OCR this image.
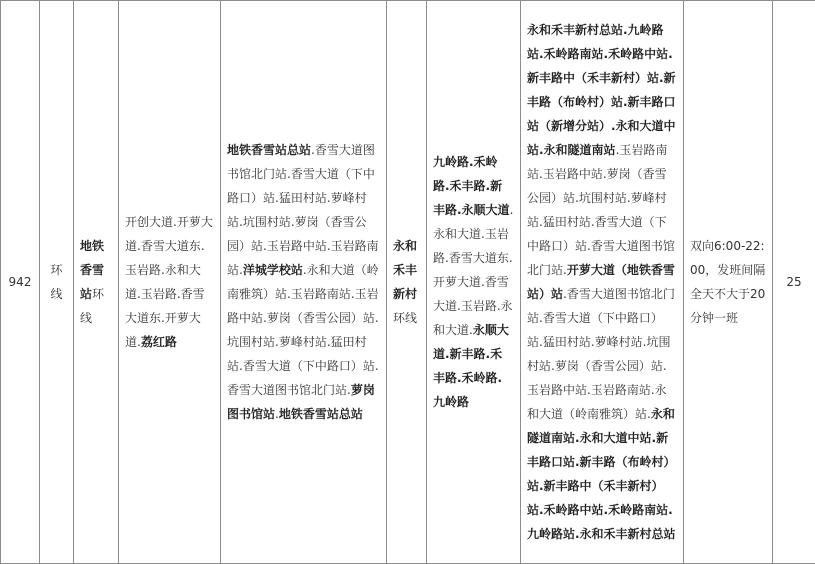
942	环线	地铁香雪站环线	开创大道.开萝大道.香雪大道东.玉岩路.永和大道.玉岩路.香雪大道东.开萝大道.荔红路	地铁香雪站总站.香雪大道图书馆北门站.香雪大道（下中路口）站.猛田村站.萝峰村站.坑围村站.萝岗（香雪公园）站.玉岩路中站.玉岩路南站.洋城学校站.永和大道（岭南雅筑）站.玉岩路南站.玉岩路中站.萝岗（香雪公园）站.坑围村站.萝峰村站.猛田村站.香雪大道（下中路口）站.香雪大道图书馆北门站.萝岗图书馆站.地铁香雪站总站	永和禾丰新村环线	九岭路.禾岭路.禾丰路.新丰路.永顺大道.永和大道.玉岩路.香雪大道东.开萝大道.香雪大道.玉岩路.永和大道.永顺大道.新丰路.禾丰路.禾岭路.九岭路	永和禾丰新村总站.九岭路站.禾岭路南站.禾岭路中站.新丰路中（禾丰新村）站.新丰路（布岭村）站.新丰路口站（新增分站）.永和大道中站.永和隧道南站.玉岩路南站.玉岩路中站.萝岗（香雪公园）站.坑围村站.萝峰村站.猛田村站.香雪大道（下中路口）站.香雪大道图书馆北门站.开萝大道（地铁香雪站）站.香雪大道图书馆北门站.香雪大道（下中路口）站.猛田村站.萝峰村站.坑围村站.萝岗（香雪公园）站.玉岩路中站.玉岩路南站.永和大道（岭南雅筑）站.永和隧道南站.永和大道中站.新丰路口站.新丰路（布岭村）站.新丰路中（禾丰新村）站.禾岭路中站.禾岭路南站.九岭路站.永和禾丰新村总站	双向6:00-22:00，发班间隔全天不大于20分钟一班	25
